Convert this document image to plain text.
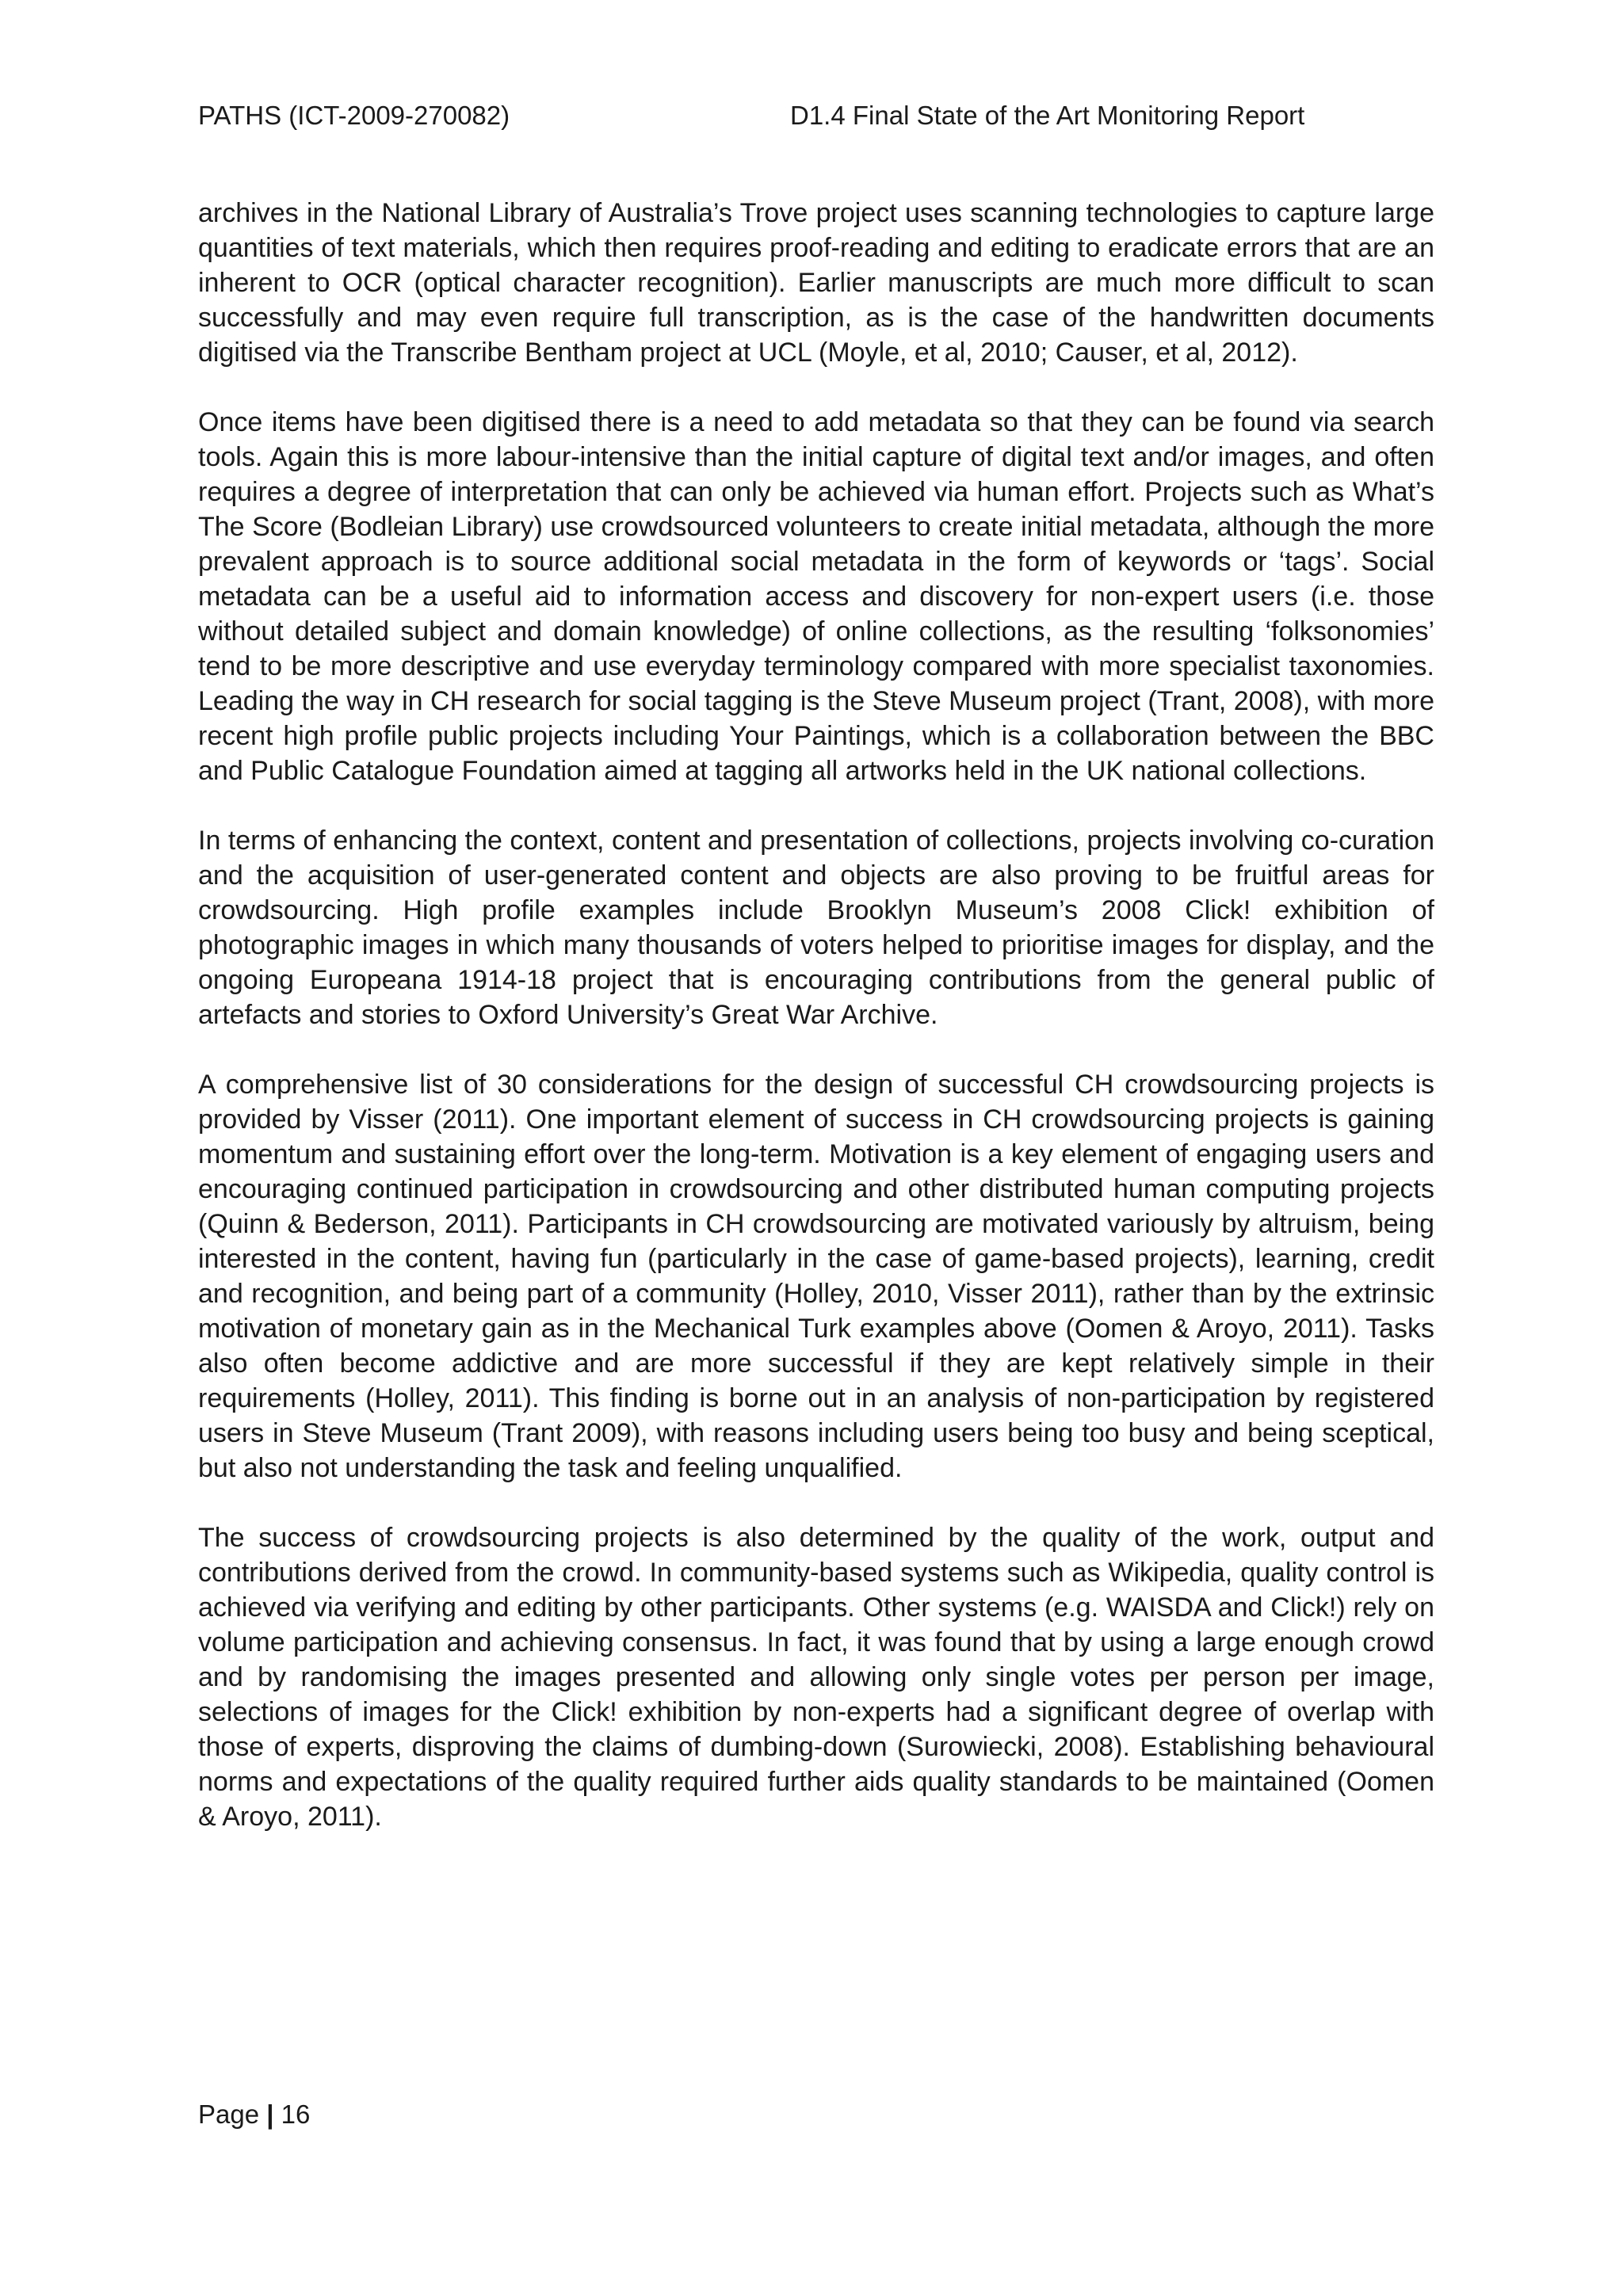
PATHS (ICT-2009-270082)	D1.4 Final State of the Art Monitoring Report

archives in the National Library of Australia’s Trove project uses scanning technologies to capture large quantities of text materials, which then requires proof-reading and editing to eradicate errors that are an inherent to OCR (optical character recognition). Earlier manuscripts are much more difficult to scan successfully and may even require full transcription, as is the case of the handwritten documents digitised via the Transcribe Bentham project at UCL (Moyle, et al, 2010; Causer, et al, 2012).

Once items have been digitised there is a need to add metadata so that they can be found via search tools. Again this is more labour-intensive than the initial capture of digital text and/or images, and often requires a degree of interpretation that can only be achieved via human effort. Projects such as What’s The Score (Bodleian Library) use crowdsourced volunteers to create initial metadata, although the more prevalent approach is to source additional social metadata in the form of keywords or ‘tags’. Social metadata can be a useful aid to information access and discovery for non-expert users (i.e. those without detailed subject and domain knowledge) of online collections, as the resulting ‘folksonomies’ tend to be more descriptive and use everyday terminology compared with more specialist taxonomies. Leading the way in CH research for social tagging is the Steve Museum project (Trant, 2008), with more recent high profile public projects including Your Paintings, which is a collaboration between the BBC and Public Catalogue Foundation aimed at tagging all artworks held in the UK national collections.

In terms of enhancing the context, content and presentation of collections, projects involving co-curation and the acquisition of user-generated content and objects are also proving to be fruitful areas for crowdsourcing. High profile examples include Brooklyn Museum’s 2008 Click! exhibition of photographic images in which many thousands of voters helped to prioritise images for display, and the ongoing Europeana 1914-18 project that is encouraging contributions from the general public of artefacts and stories to Oxford University’s Great War Archive.

A comprehensive list of 30 considerations for the design of successful CH crowdsourcing projects is provided by Visser (2011). One important element of success in CH crowdsourcing projects is gaining momentum and sustaining effort over the long-term. Motivation is a key element of engaging users and encouraging continued participation in crowdsourcing and other distributed human computing projects (Quinn & Bederson, 2011). Participants in CH crowdsourcing are motivated variously by altruism, being interested in the content, having fun (particularly in the case of game-based projects), learning, credit and recognition, and being part of a community (Holley, 2010, Visser 2011), rather than by the extrinsic motivation of monetary gain as in the Mechanical Turk examples above (Oomen & Aroyo, 2011). Tasks also often become addictive and are more successful if they are kept relatively simple in their requirements (Holley, 2011). This finding is borne out in an analysis of non-participation by registered users in Steve Museum (Trant 2009), with reasons including users being too busy and being sceptical, but also not understanding the task and feeling unqualified.

The success of crowdsourcing projects is also determined by the quality of the work, output and contributions derived from the crowd. In community-based systems such as Wikipedia, quality control is achieved via verifying and editing by other participants. Other systems (e.g. WAISDA and Click!) rely on volume participation and achieving consensus. In fact, it was found that by using a large enough crowd and by randomising the images presented and allowing only single votes per person per image, selections of images for the Click! exhibition by non-experts had a significant degree of overlap with those of experts, disproving the claims of dumbing-down (Surowiecki, 2008). Establishing behavioural norms and expectations of the quality required further aids quality standards to be maintained (Oomen & Aroyo, 2011).

Page | 16
